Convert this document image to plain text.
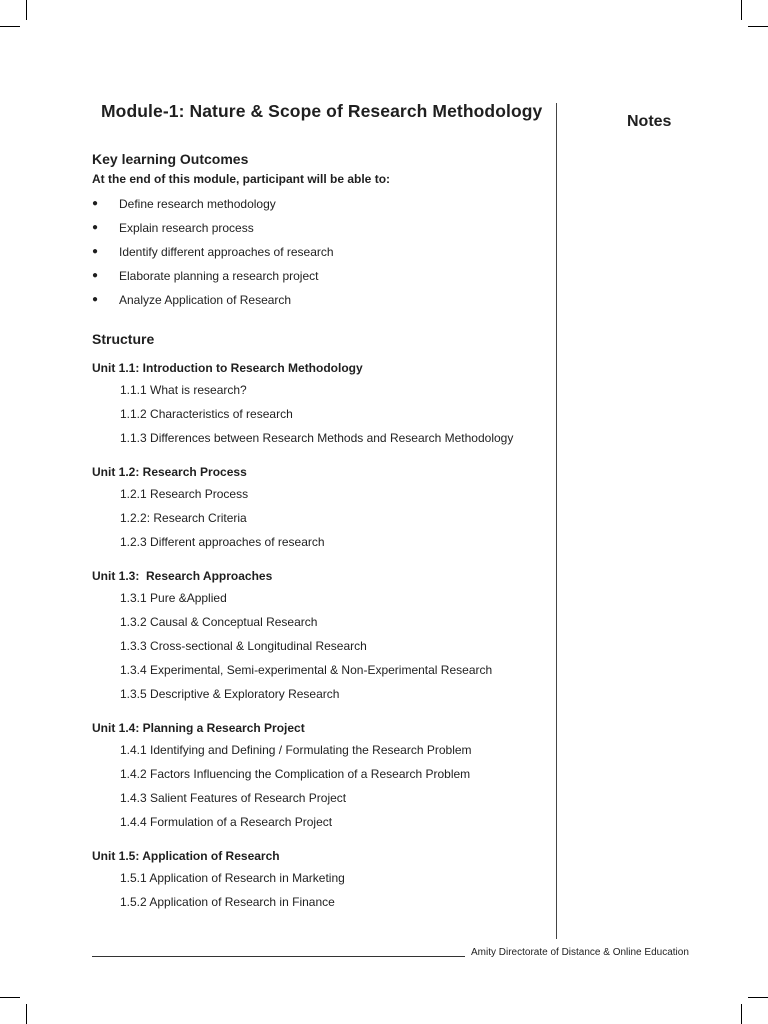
Module-1: Nature & Scope of Research Methodology
Notes
Key learning Outcomes

At the end of this module, participant will be able to:

● Define research methodology
● Explain research process
● Identify different approaches of research
● Elaborate planning a research project
● Analyze Application of Research
Structure

Unit 1.1: Introduction to Research Methodology

1.1.1 What is research?
1.1.2 Characteristics of research
1.1.3 Differences between Research Methods and Research Methodology

Unit 1.2: Research Process

1.2.1 Research Process
1.2.2: Research Criteria
1.2.3 Different approaches of research

Unit 1.3:  Research Approaches

1.3.1 Pure &Applied
1.3.2 Causal & Conceptual Research
1.3.3 Cross-sectional & Longitudinal Research
1.3.4 Experimental, Semi-experimental & Non-Experimental Research
1.3.5 Descriptive & Exploratory Research

Unit 1.4: Planning a Research Project

1.4.1 Identifying and Defining / Formulating the Research Problem
1.4.2 Factors Influencing the Complication of a Research Problem
1.4.3 Salient Features of Research Project
1.4.4 Formulation of a Research Project

Unit 1.5: Application of Research

1.5.1 Application of Research in Marketing
1.5.2 Application of Research in Finance
Amity Directorate of Distance & Online Education
